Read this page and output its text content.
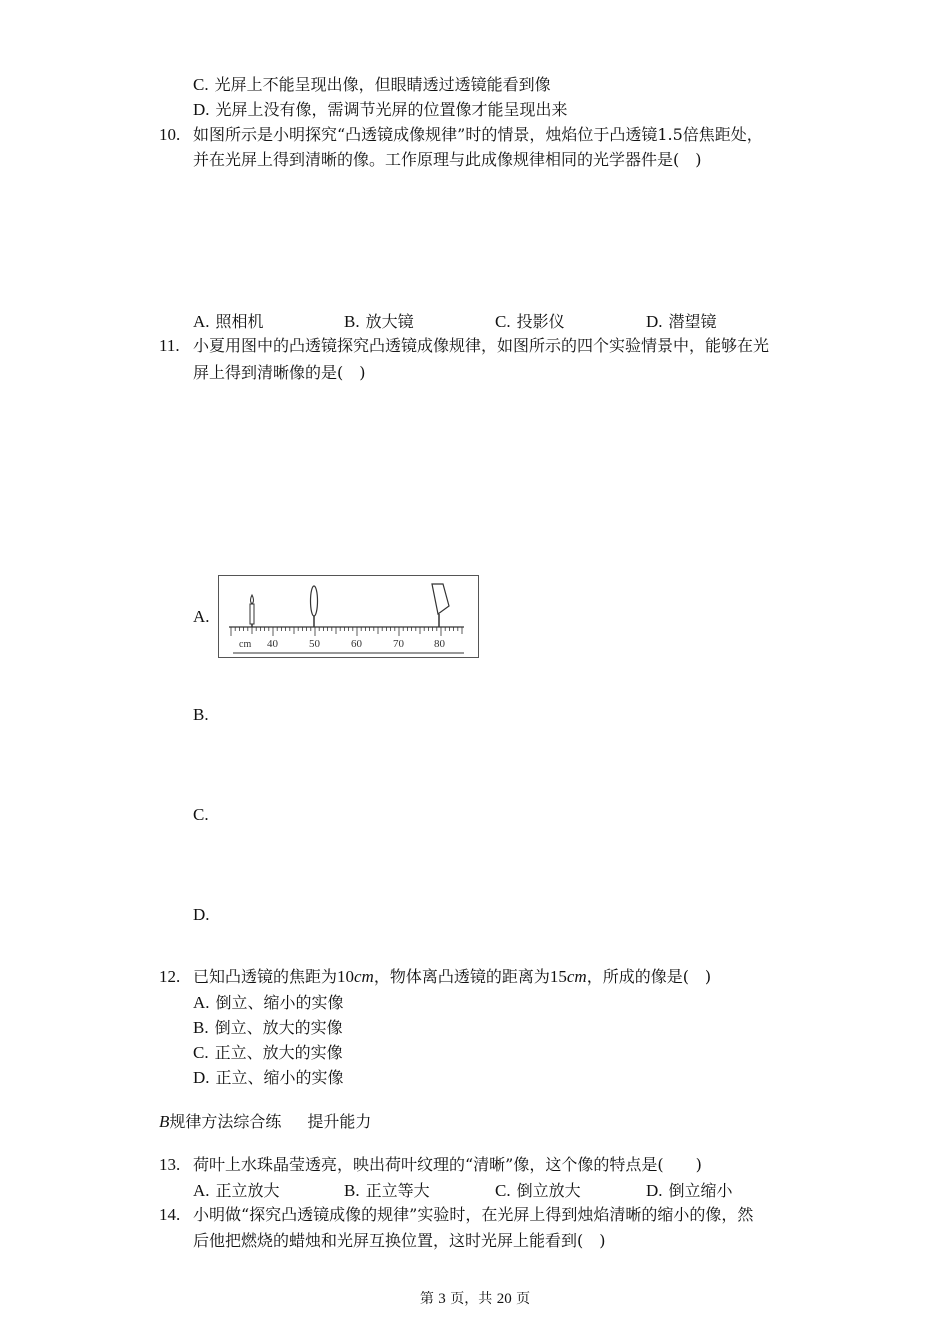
C. 光屏上不能呈现出像，但眼睛透过透镜能看到像
D. 光屏上没有像，需调节光屏的位置像才能呈现出来
10. 如图所示是小明探究“凸透镜成像规律”时的情景，烛焰位于凸透镜1.5倍焦距处，
并在光屏上得到清晰的像。工作原理与此成像规律相同的光学器件是(　)
A. 照相机	B. 放大镜	C. 投影仪	D. 潜望镜
11. 小夏用图中的凸透镜探究凸透镜成像规律，如图所示的四个实验情景中，能够在光
屏上得到清晰像的是(　)
A.
cm 40	50	60	70	80
B.
C.
D.
12. 已知凸透镜的焦距为10cm，物体离凸透镜的距离为15cm，所成的像是(　)
A. 倒立、缩小的实像
B. 倒立、放大的实像
C. 正立、放大的实像
D. 正立、缩小的实像
B规律方法综合练 提升能力
13. 荷叶上水珠晶莹透亮，映出荷叶纹理的“清晰”像，这个像的特点是(　　)
A. 正立放大	B. 正立等大	C. 倒立放大	D. 倒立缩小
14. 小明做“探究凸透镜成像的规律”实验时，在光屏上得到烛焰清晰的缩小的像，然
后他把燃烧的蜡烛和光屏互换位置，这时光屏上能看到(　)
第 3 页，共 20 页
